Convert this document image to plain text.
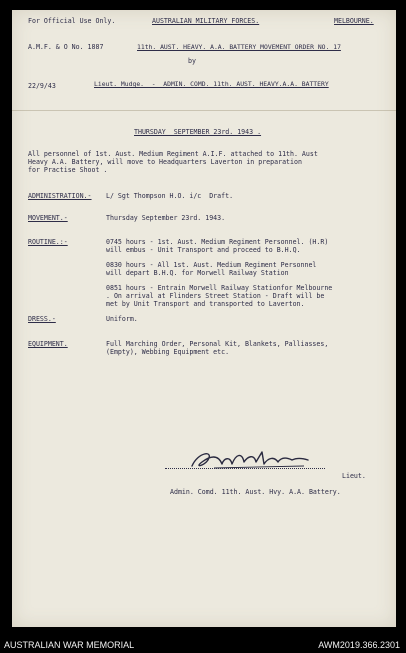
For Official Use Only.	AUSTRALIAN MILITARY FORCES.	MELBOURNE.

A.M.F. & O No. 1887	11th. AUST. HEAVY. A.A. BATTERY MOVEMENT ORDER NO. 17

by

22/9/43	Lieut. Mudge.  -  ADMIN. COMD. 11th. AUST. HEAVY.A.A. BATTERY

THURSDAY  SEPTEMBER 23rd. 1943 .

All personnel of 1st. Aust. Medium Regiment A.I.F. attached to 11th. Aust

Heavy A.A. Battery, will move to Headquarters Laverton in preparation

for Practise Shoot .

ADMINISTRATION.- L/ Sgt Thompson H.O. i/c  Draft.

MOVEMENT.-	Thursday September 23rd. 1943.

ROUTINE.:-	0745 hours - 1st. Aust. Medium Regiment Personnel. (H.R)

will embus - Unit Transport and proceed to B.H.Q.

0830 hours - All 1st. Aust. Medium Regiment Personnel

will depart B.H.Q. for Morwell Railway Station

0851 hours - Entrain Morwell Railway Stationfor Melbourne

. On arrival at Flinders Street Station - Draft will be

met by Unit Transport and transported to Laverton.

DRESS.-	Uniform.

EQUIPMENT.	Full Marching Order, Personal Kit, Blankets, Palliasses,

(Empty), Webbing Equipment etc.

Lieut.

Admin. Comd. 11th. Aust. Hvy. A.A. Battery.

AUSTRALIAN WAR MEMORIAL	AWM2019.366.2301
